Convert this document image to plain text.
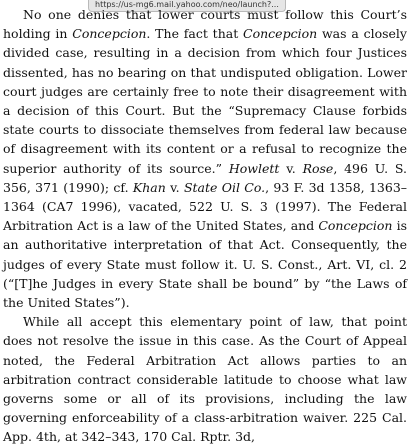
https://us-mg6.mail.yahoo.com/neo/launch?...

No one denies that lower courts must follow this Court’s holding in Concepcion. The fact that Concepcion was a closely divided case, resulting in a decision from which four Justices dissented, has no bearing on that undisputed obligation. Lower court judges are certainly free to note their disagreement with a decision of this Court. But the “Supremacy Clause forbids state courts to dissociate themselves from federal law because of disagreement with its content or a refusal to recognize the superior authority of its source.” Howlett v. Rose, 496 U. S. 356, 371 (1990); cf. Khan v. State Oil Co., 93 F. 3d 1358, 1363–1364 (CA7 1996), vacated, 522 U. S. 3 (1997). The Federal Arbitration Act is a law of the United States, and Concepcion is an authoritative interpretation of that Act. Consequently, the judges of every State must follow it. U. S. Const., Art. VI, cl. 2 (“[T]he Judges in every State shall be bound” by “the Laws of the United States”).

While all accept this elementary point of law, that point does not resolve the issue in this case. As the Court of Appeal noted, the Federal Arbitration Act allows parties to an arbitration contract considerable latitude to choose what law governs some or all of its provisions, including the law governing enforceability of a class-arbitration waiver. 225 Cal. App. 4th, at 342–343, 170 Cal. Rptr. 3d,
